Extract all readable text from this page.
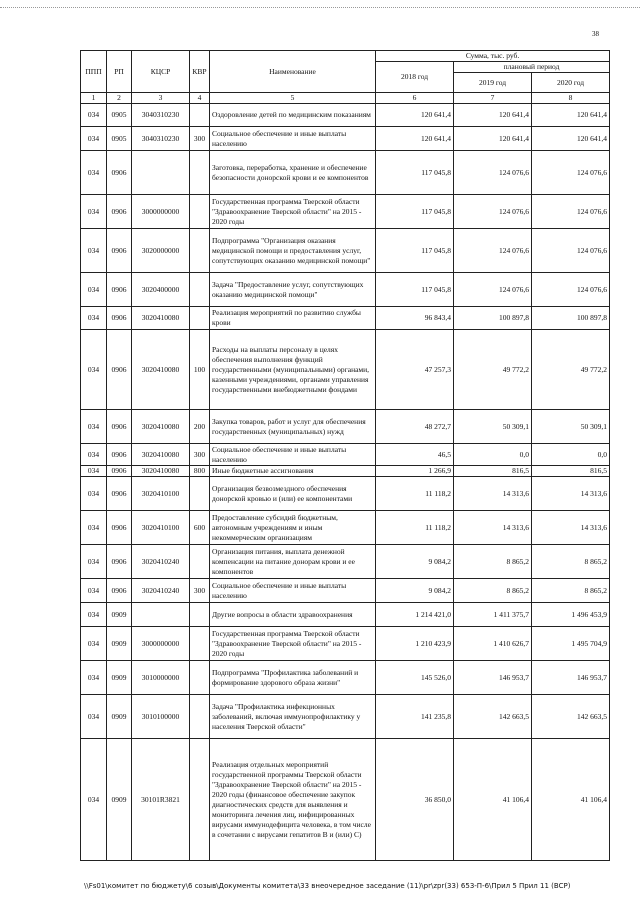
38
ППП	РП	КЦСР	КВР	Наименование	Сумма, тыс. руб.		
					2018 год	плановый период	
						2019 год	2020 год
1	2	3	4	5	6	7	8
034	0905	3040310230		Оздоровление детей по медицинским показаниям	120 641,4	120 641,4	120 641,4
034	0905	3040310230	300	Социальное обеспечение и иные выплаты населению	120 641,4	120 641,4	120 641,4
034	0906			Заготовка, переработка, хранение и обеспечение безопасности донорской крови и ее компонентов	117 045,8	124 076,6	124 076,6
034	0906	3000000000		Государственная программа Тверской области "Здравоохранение Тверской области" на 2015 - 2020 годы	117 045,8	124 076,6	124 076,6
034	0906	3020000000		Подпрограмма "Организация оказания медицинской помощи и предоставления услуг, сопутствующих оказанию медицинской помощи"	117 045,8	124 076,6	124 076,6
034	0906	3020400000		Задача "Предоставление услуг, сопутствующих оказанию медицинской помощи"	117 045,8	124 076,6	124 076,6
034	0906	3020410080		Реализация мероприятий по развитию службы крови	96 843,4	100 897,8	100 897,8
034	0906	3020410080	100	Расходы на выплаты персоналу в целях обеспечения выполнения функций государственными (муниципальными) органами, казенными учреждениями, органами управления государственными внебюджетными фондами	47 257,3	49 772,2	49 772,2
034	0906	3020410080	200	Закупка товаров, работ и услуг для обеспечения государственных (муниципальных) нужд	48 272,7	50 309,1	50 309,1
034	0906	3020410080	300	Социальное обеспечение и иные выплаты населению	46,5	0,0	0,0
034	0906	3020410080	800	Иные бюджетные ассигнования	1 266,9	816,5	816,5
034	0906	3020410100		Организация безвозмездного обеспечения донорской кровью и (или) ее компонентами	11 118,2	14 313,6	14 313,6
034	0906	3020410100	600	Предоставление субсидий бюджетным, автономным учреждениям и иным некоммерческим организациям	11 118,2	14 313,6	14 313,6
034	0906	3020410240		Организация питания, выплата денежной компенсации на питание донорам крови и ее компонентов	9 084,2	8 865,2	8 865,2
034	0906	3020410240	300	Социальное обеспечение и иные выплаты населению	9 084,2	8 865,2	8 865,2
034	0909			Другие вопросы в области здравоохранения	1 214 421,0	1 411 375,7	1 496 453,9
034	0909	3000000000		Государственная программа Тверской области "Здравоохранение Тверской области" на 2015 - 2020 годы	1 210 423,9	1 410 626,7	1 495 704,9
034	0909	3010000000		Подпрограмма "Профилактика заболеваний и формирование здорового образа жизни"	145 526,0	146 953,7	146 953,7
034	0909	3010100000		Задача "Профилактика инфекционных заболеваний, включая иммунопрофилактику у населения Тверской области"	141 235,8	142 663,5	142 663,5
034	0909	30101R3821		Реализация отдельных мероприятий государственной программы Тверской области "Здравоохранение Тверской области" на 2015 - 2020 годы (финансовое обеспечение закупок диагностических средств для выявления и мониторинга лечения лиц, инфицированных вирусами иммунодефицита человека, в том числе в сочетании с вирусами гепатитов В и (или) С)	36 850,0	41 106,4	41 106,4
\\Fs01\комитет по бюджету\6 созыв\Документы комитета\33 внеочередное заседание (11)\pr\zpr(33) 653-П-6\Прил 5 Прил 11 (ВСР)
